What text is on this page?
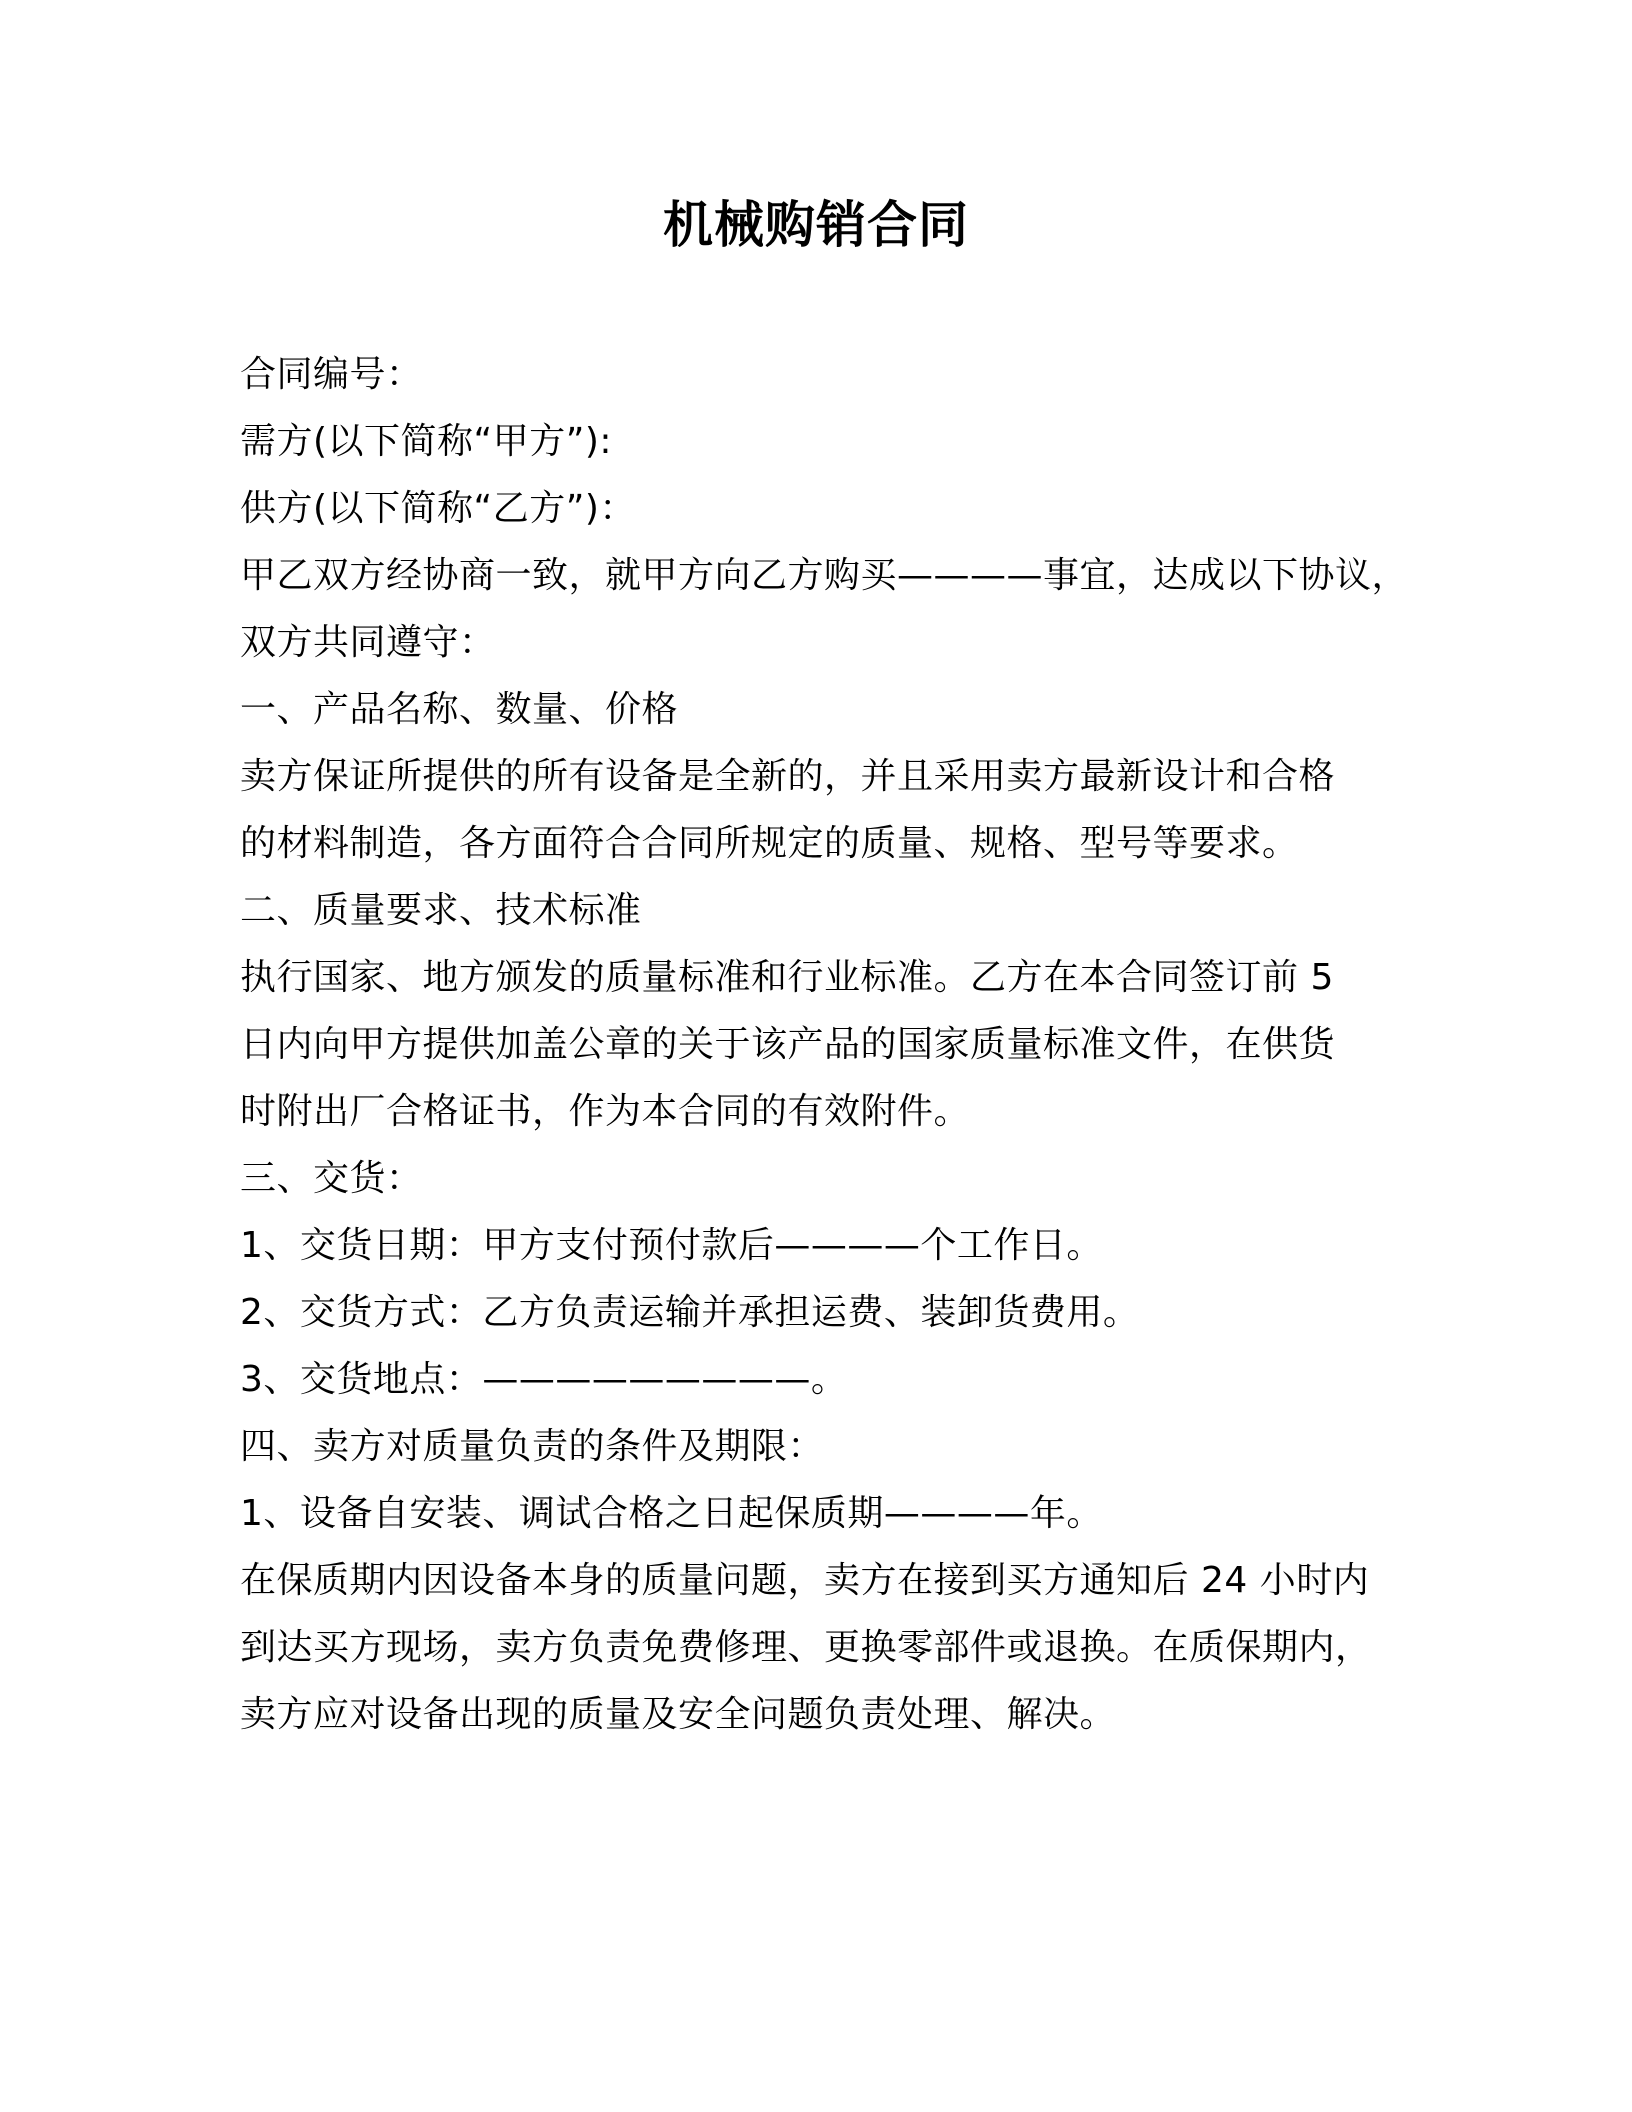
机械购销合同
合同编号：
需方(以下简称“甲方”):
供方(以下简称“乙方”)：
甲乙双方经协商一致，就甲方向乙方购买————事宜，达成以下协议，
双方共同遵守：
一、产品名称、数量、价格
卖方保证所提供的所有设备是全新的，并且采用卖方最新设计和合格
的材料制造，各方面符合合同所规定的质量、规格、型号等要求。
二、质量要求、技术标准
执行国家、地方颁发的质量标准和行业标准。乙方在本合同签订前 5
日内向甲方提供加盖公章的关于该产品的国家质量标准文件，在供货
时附出厂合格证书，作为本合同的有效附件。
三、交货：
1、交货日期：甲方支付预付款后————个工作日。
2、交货方式：乙方负责运输并承担运费、装卸货费用。
3、交货地点：—————————。
四、卖方对质量负责的条件及期限：
1、设备自安装、调试合格之日起保质期————年。
在保质期内因设备本身的质量问题，卖方在接到买方通知后 24 小时内
到达买方现场，卖方负责免费修理、更换零部件或退换。在质保期内，
卖方应对设备出现的质量及安全问题负责处理、解决。
